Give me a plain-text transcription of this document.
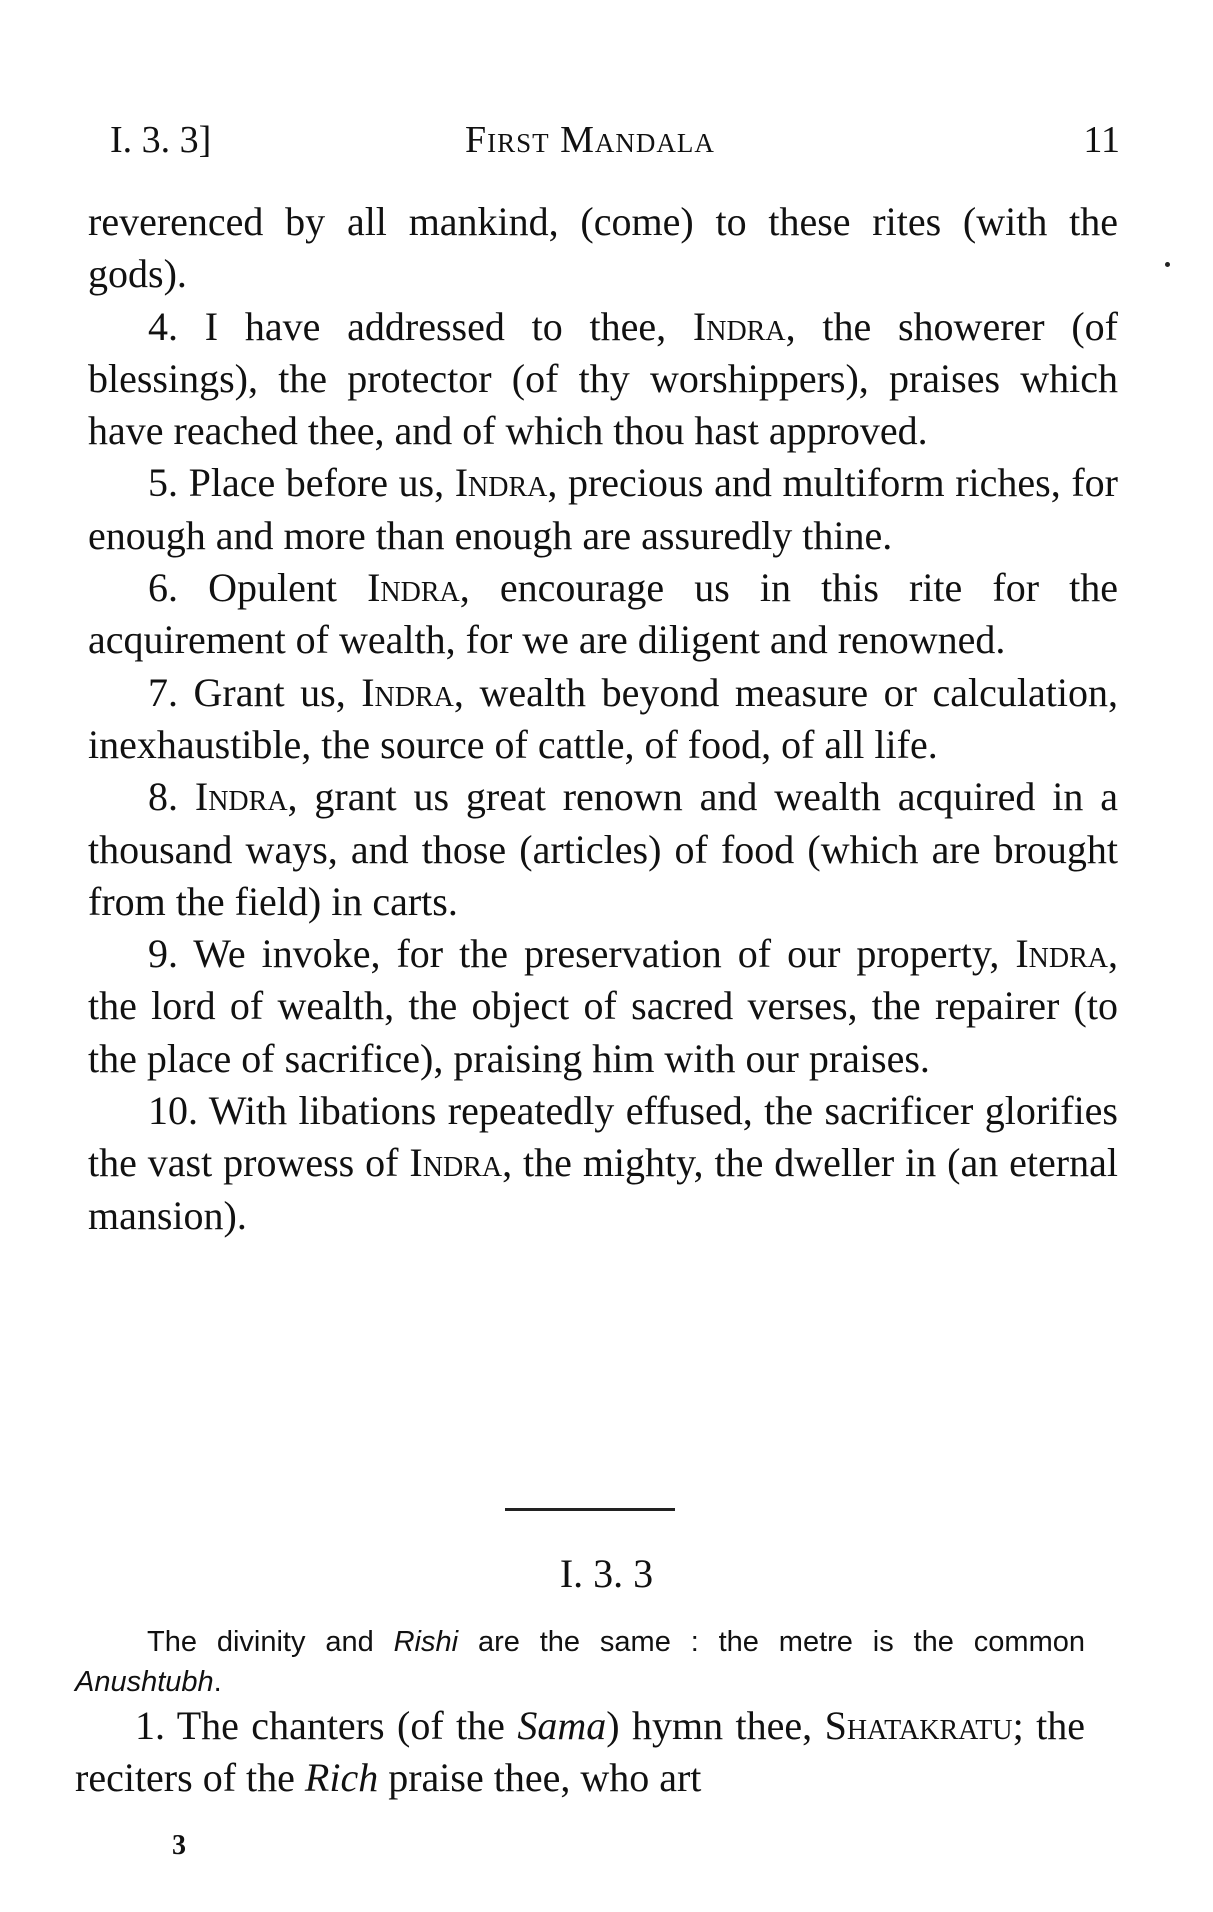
I. 3. 3]	First Mandala	11

reverenced by all mankind, (come) to these rites (with the gods).

4. I have addressed to thee, Indra, the showerer (of blessings), the protector (of thy worshippers), praises which have reached thee, and of which thou hast approved.

5. Place before us, Indra, precious and multiform riches, for enough and more than enough are assuredly thine.

6. Opulent Indra, encourage us in this rite for the acquirement of wealth, for we are diligent and renowned.

7. Grant us, Indra, wealth beyond measure or calculation, inexhaustible, the source of cattle, of food, of all life.

8. Indra, grant us great renown and wealth acquired in a thousand ways, and those (articles) of food (which are brought from the field) in carts.

9. We invoke, for the preservation of our property, Indra, the lord of wealth, the object of sacred verses, the repairer (to the place of sacrifice), praising him with our praises.

10. With libations repeatedly effused, the sacrificer glorifies the vast prowess of Indra, the mighty, the dweller in (an eternal mansion).

I. 3. 3
The divinity and Rishi are the same : the metre is the common Anushtubh.
1. The chanters (of the Sama) hymn thee, Shatakratu; the reciters of the Rich praise thee, who art
3
